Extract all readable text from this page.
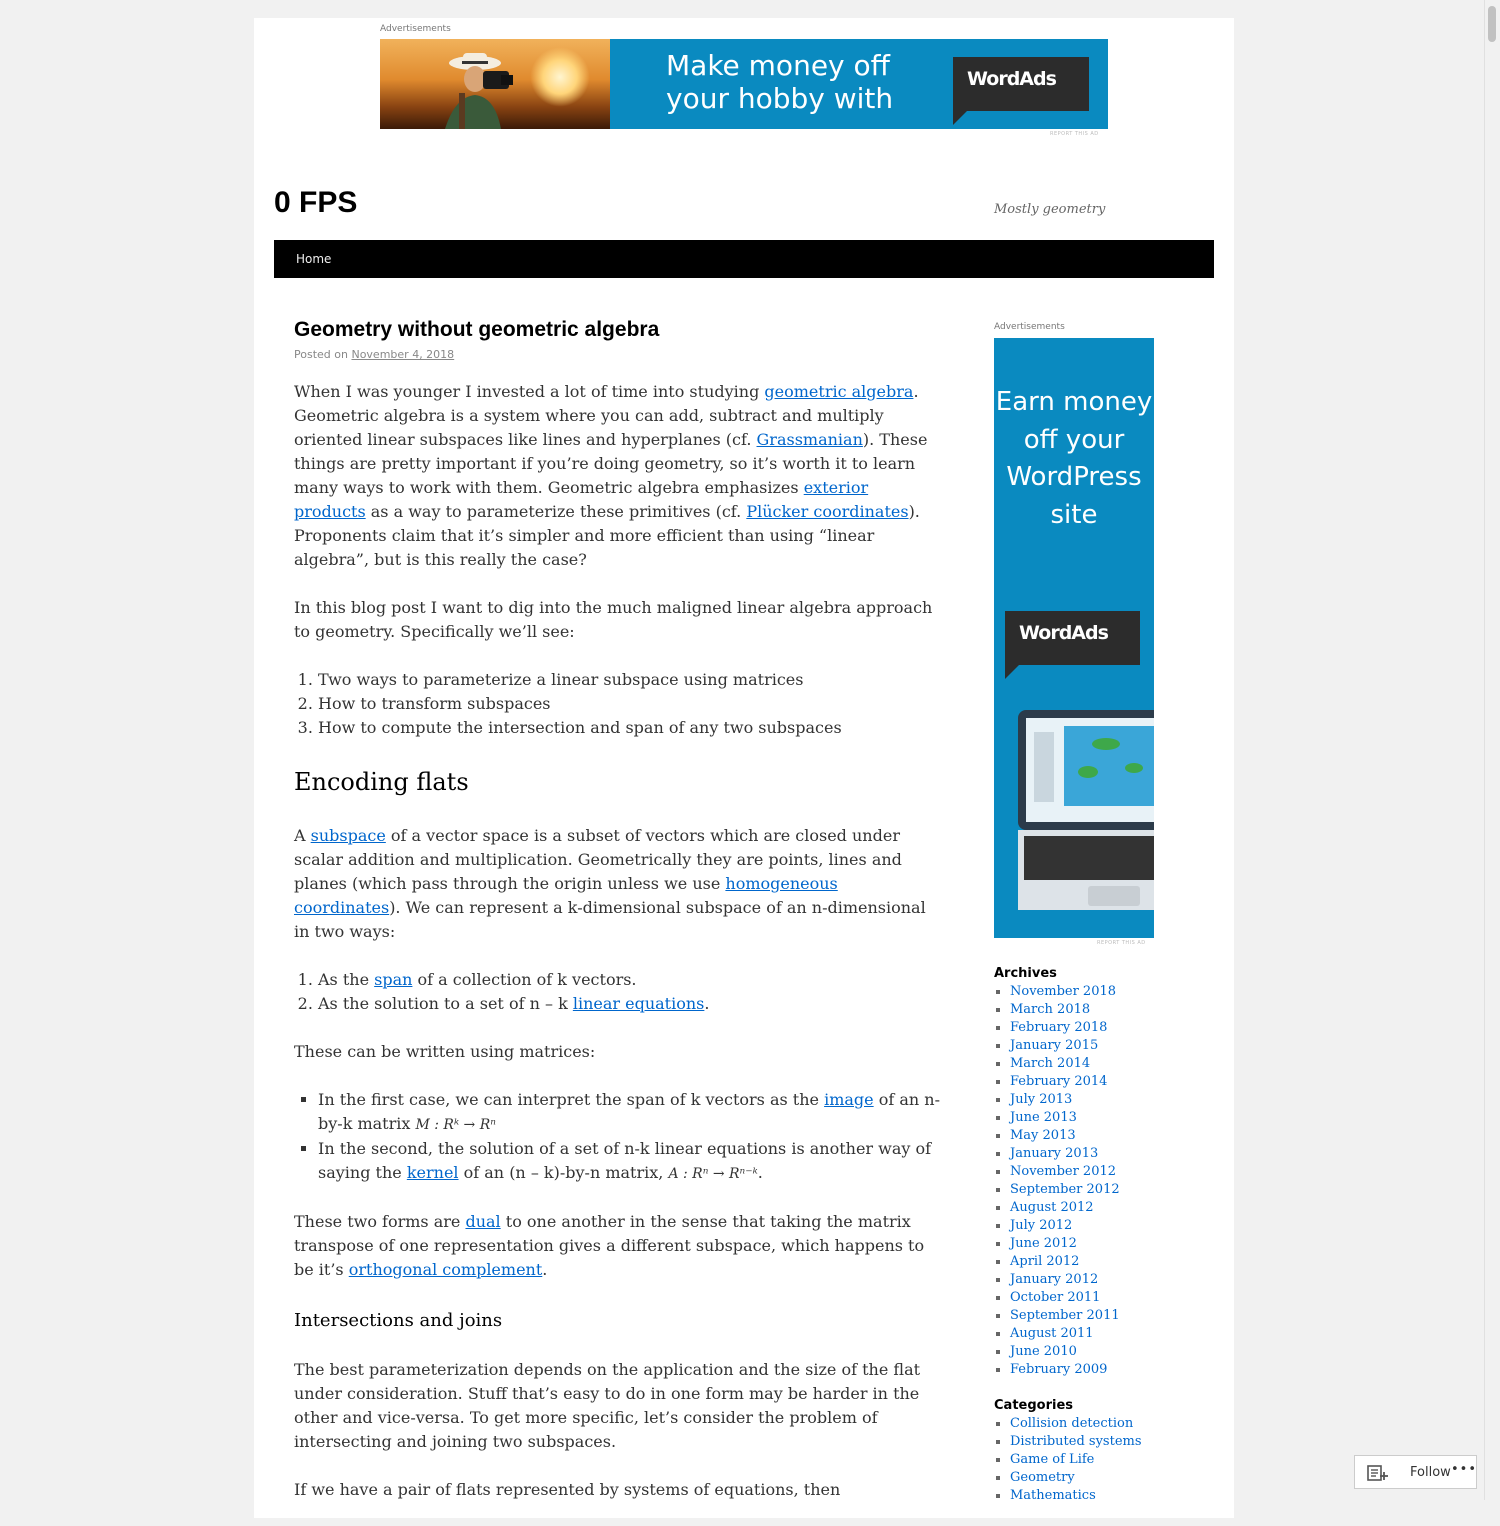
Advertisements
Make money off your hobby with
WordAds
REPORT THIS AD
0 FPS	Mostly geometry
Home
Geometry without geometric algebra
Posted on November 4, 2018

When I was younger I invested a lot of time into studying geometric algebra. Geometric algebra is a system where you can add, subtract and multiply oriented linear subspaces like lines and hyperplanes (cf. Grassmanian). These things are pretty important if you’re doing geometry, so it’s worth it to learn many ways to work with them. Geometric algebra emphasizes exterior products as a way to parameterize these primitives (cf. Plücker coordinates). Proponents claim that it’s simpler and more efficient than using “linear algebra”, but is this really the case?

In this blog post I want to dig into the much maligned linear algebra approach to geometry. Specifically we’ll see:

1. Two ways to parameterize a linear subspace using matrices
2. How to transform subspaces
3. How to compute the intersection and span of any two subspaces
Encoding flats

A subspace of a vector space is a subset of vectors which are closed under scalar addition and multiplication. Geometrically they are points, lines and planes (which pass through the origin unless we use homogeneous coordinates). We can represent a k-dimensional subspace of an n-dimensional in two ways:

1. As the span of a collection of k vectors.
2. As the solution to a set of n – k linear equations.

These can be written using matrices:

▪ In the first case, we can interpret the span of k vectors as the image of an n-by-k matrix M : Rᵏ → Rⁿ
▪ In the second, the solution of a set of n-k linear equations is another way of saying the kernel of an (n – k)-by-n matrix, A : Rⁿ → Rⁿ⁻ᵏ.

These two forms are dual to one another in the sense that taking the matrix transpose of one representation gives a different subspace, which happens to be it’s orthogonal complement.

Intersections and joins

The best parameterization depends on the application and the size of the flat under consideration. Stuff that’s easy to do in one form may be harder in the other and vice-versa. To get more specific, let’s consider the problem of intersecting and joining two subspaces.

If we have a pair of flats represented by systems of equations, then

Advertisements
Earn money off your WordPress site
WordAds
REPORT THIS AD
Archives
▪ November 2018
▪ March 2018
▪ February 2018
▪ January 2015
▪ March 2014
▪ February 2014
▪ July 2013
▪ June 2013
▪ May 2013
▪ January 2013
▪ November 2012
▪ September 2012
▪ August 2012
▪ July 2012
▪ June 2012
▪ April 2012
▪ January 2012
▪ October 2011
▪ September 2011
▪ August 2011
▪ June 2010
▪ February 2009
Categories
▪ Collision detection
▪ Distributed systems
▪ Game of Life
▪ Geometry
▪ Mathematics
Follow •••
